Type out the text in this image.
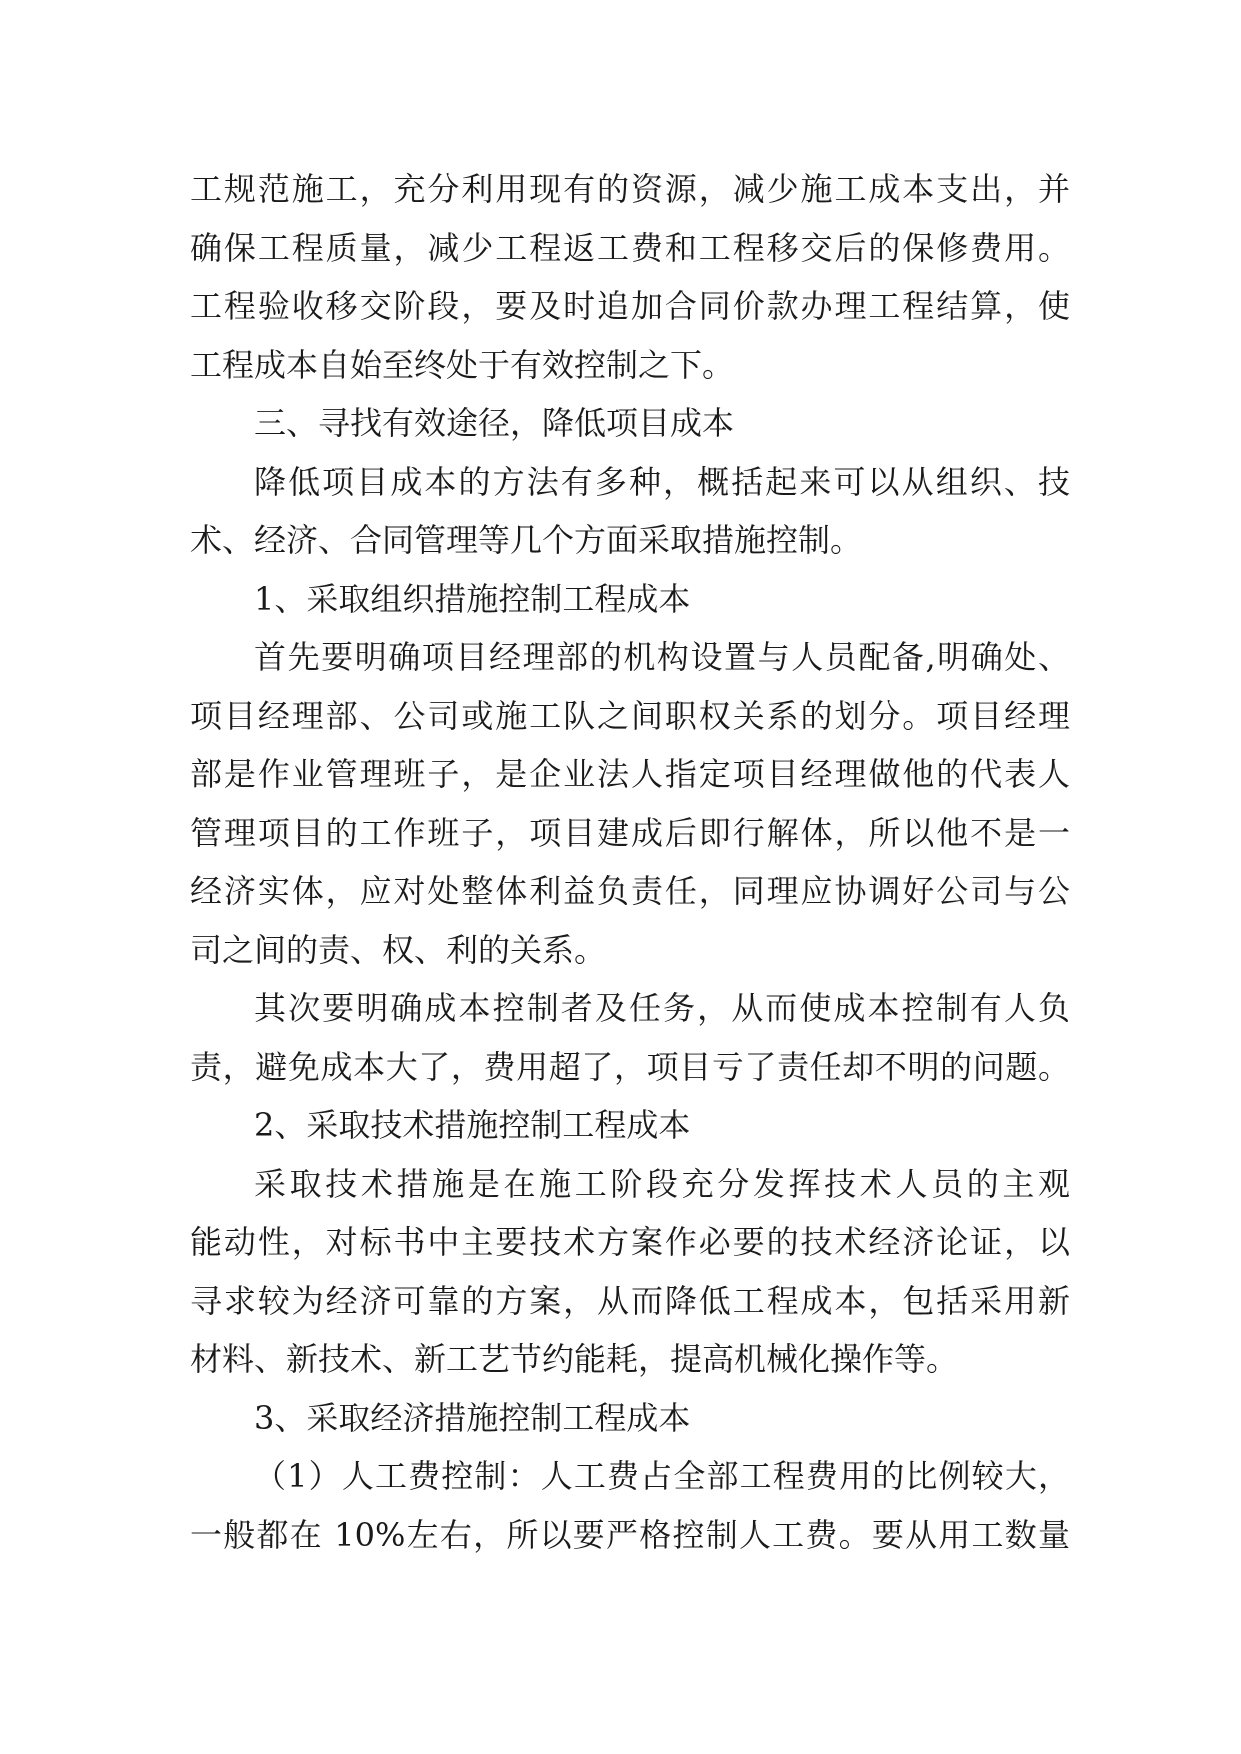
工规范施工，充分利用现有的资源，减少施工成本支出，并
确保工程质量，减少工程返工费和工程移交后的保修费用。
工程验收移交阶段，要及时追加合同价款办理工程结算，使
工程成本自始至终处于有效控制之下。
三、寻找有效途径，降低项目成本
降低项目成本的方法有多种，概括起来可以从组织、技
术、经济、合同管理等几个方面采取措施控制。
1、采取组织措施控制工程成本
首先要明确项目经理部的机构设置与人员配备,明确处、
项目经理部、公司或施工队之间职权关系的划分。项目经理
部是作业管理班子，是企业法人指定项目经理做他的代表人
管理项目的工作班子，项目建成后即行解体，所以他不是一
经济实体，应对处整体利益负责任，同理应协调好公司与公
司之间的责、权、利的关系。
其次要明确成本控制者及任务，从而使成本控制有人负
责，避免成本大了，费用超了，项目亏了责任却不明的问题。
2、采取技术措施控制工程成本
采取技术措施是在施工阶段充分发挥技术人员的主观
能动性，对标书中主要技术方案作必要的技术经济论证，以
寻求较为经济可靠的方案，从而降低工程成本，包括采用新
材料、新技术、新工艺节约能耗，提高机械化操作等。
3、采取经济措施控制工程成本
（1）人工费控制：人工费占全部工程费用的比例较大，
一般都在 10%左右，所以要严格控制人工费。要从用工数量
